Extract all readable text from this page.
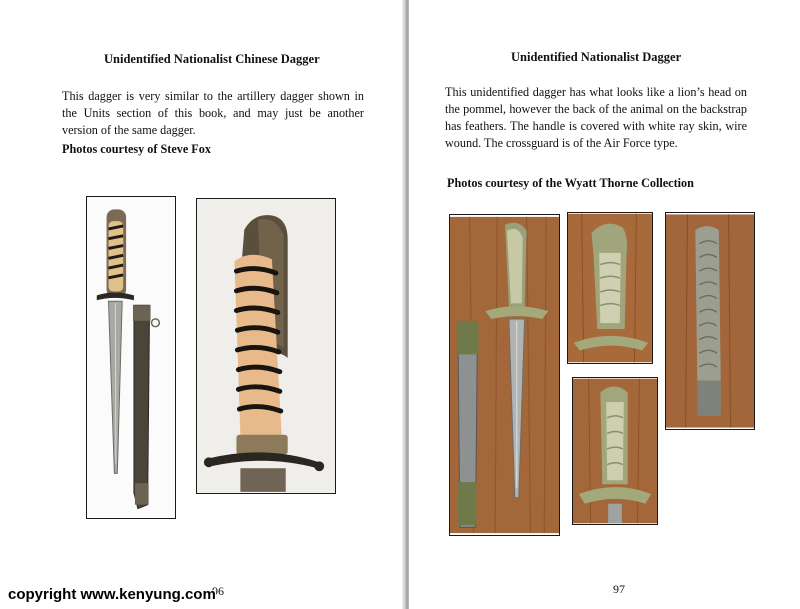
Unidentified Nationalist Chinese Dagger
This dagger is very similar to the artillery dagger shown in the Units section of this book, and may just be another version of the same dagger.
Photos courtesy of Steve Fox
96
Unidentified Nationalist Dagger
This unidentified dagger has what looks like a lion’s head on the pommel, however the back of the animal on the backstrap has feathers. The handle is covered with white ray skin, wire wound. The crossguard is of the Air Force type.
Photos courtesy of the Wyatt Thorne Collection
97
copyright www.kenyung.com
